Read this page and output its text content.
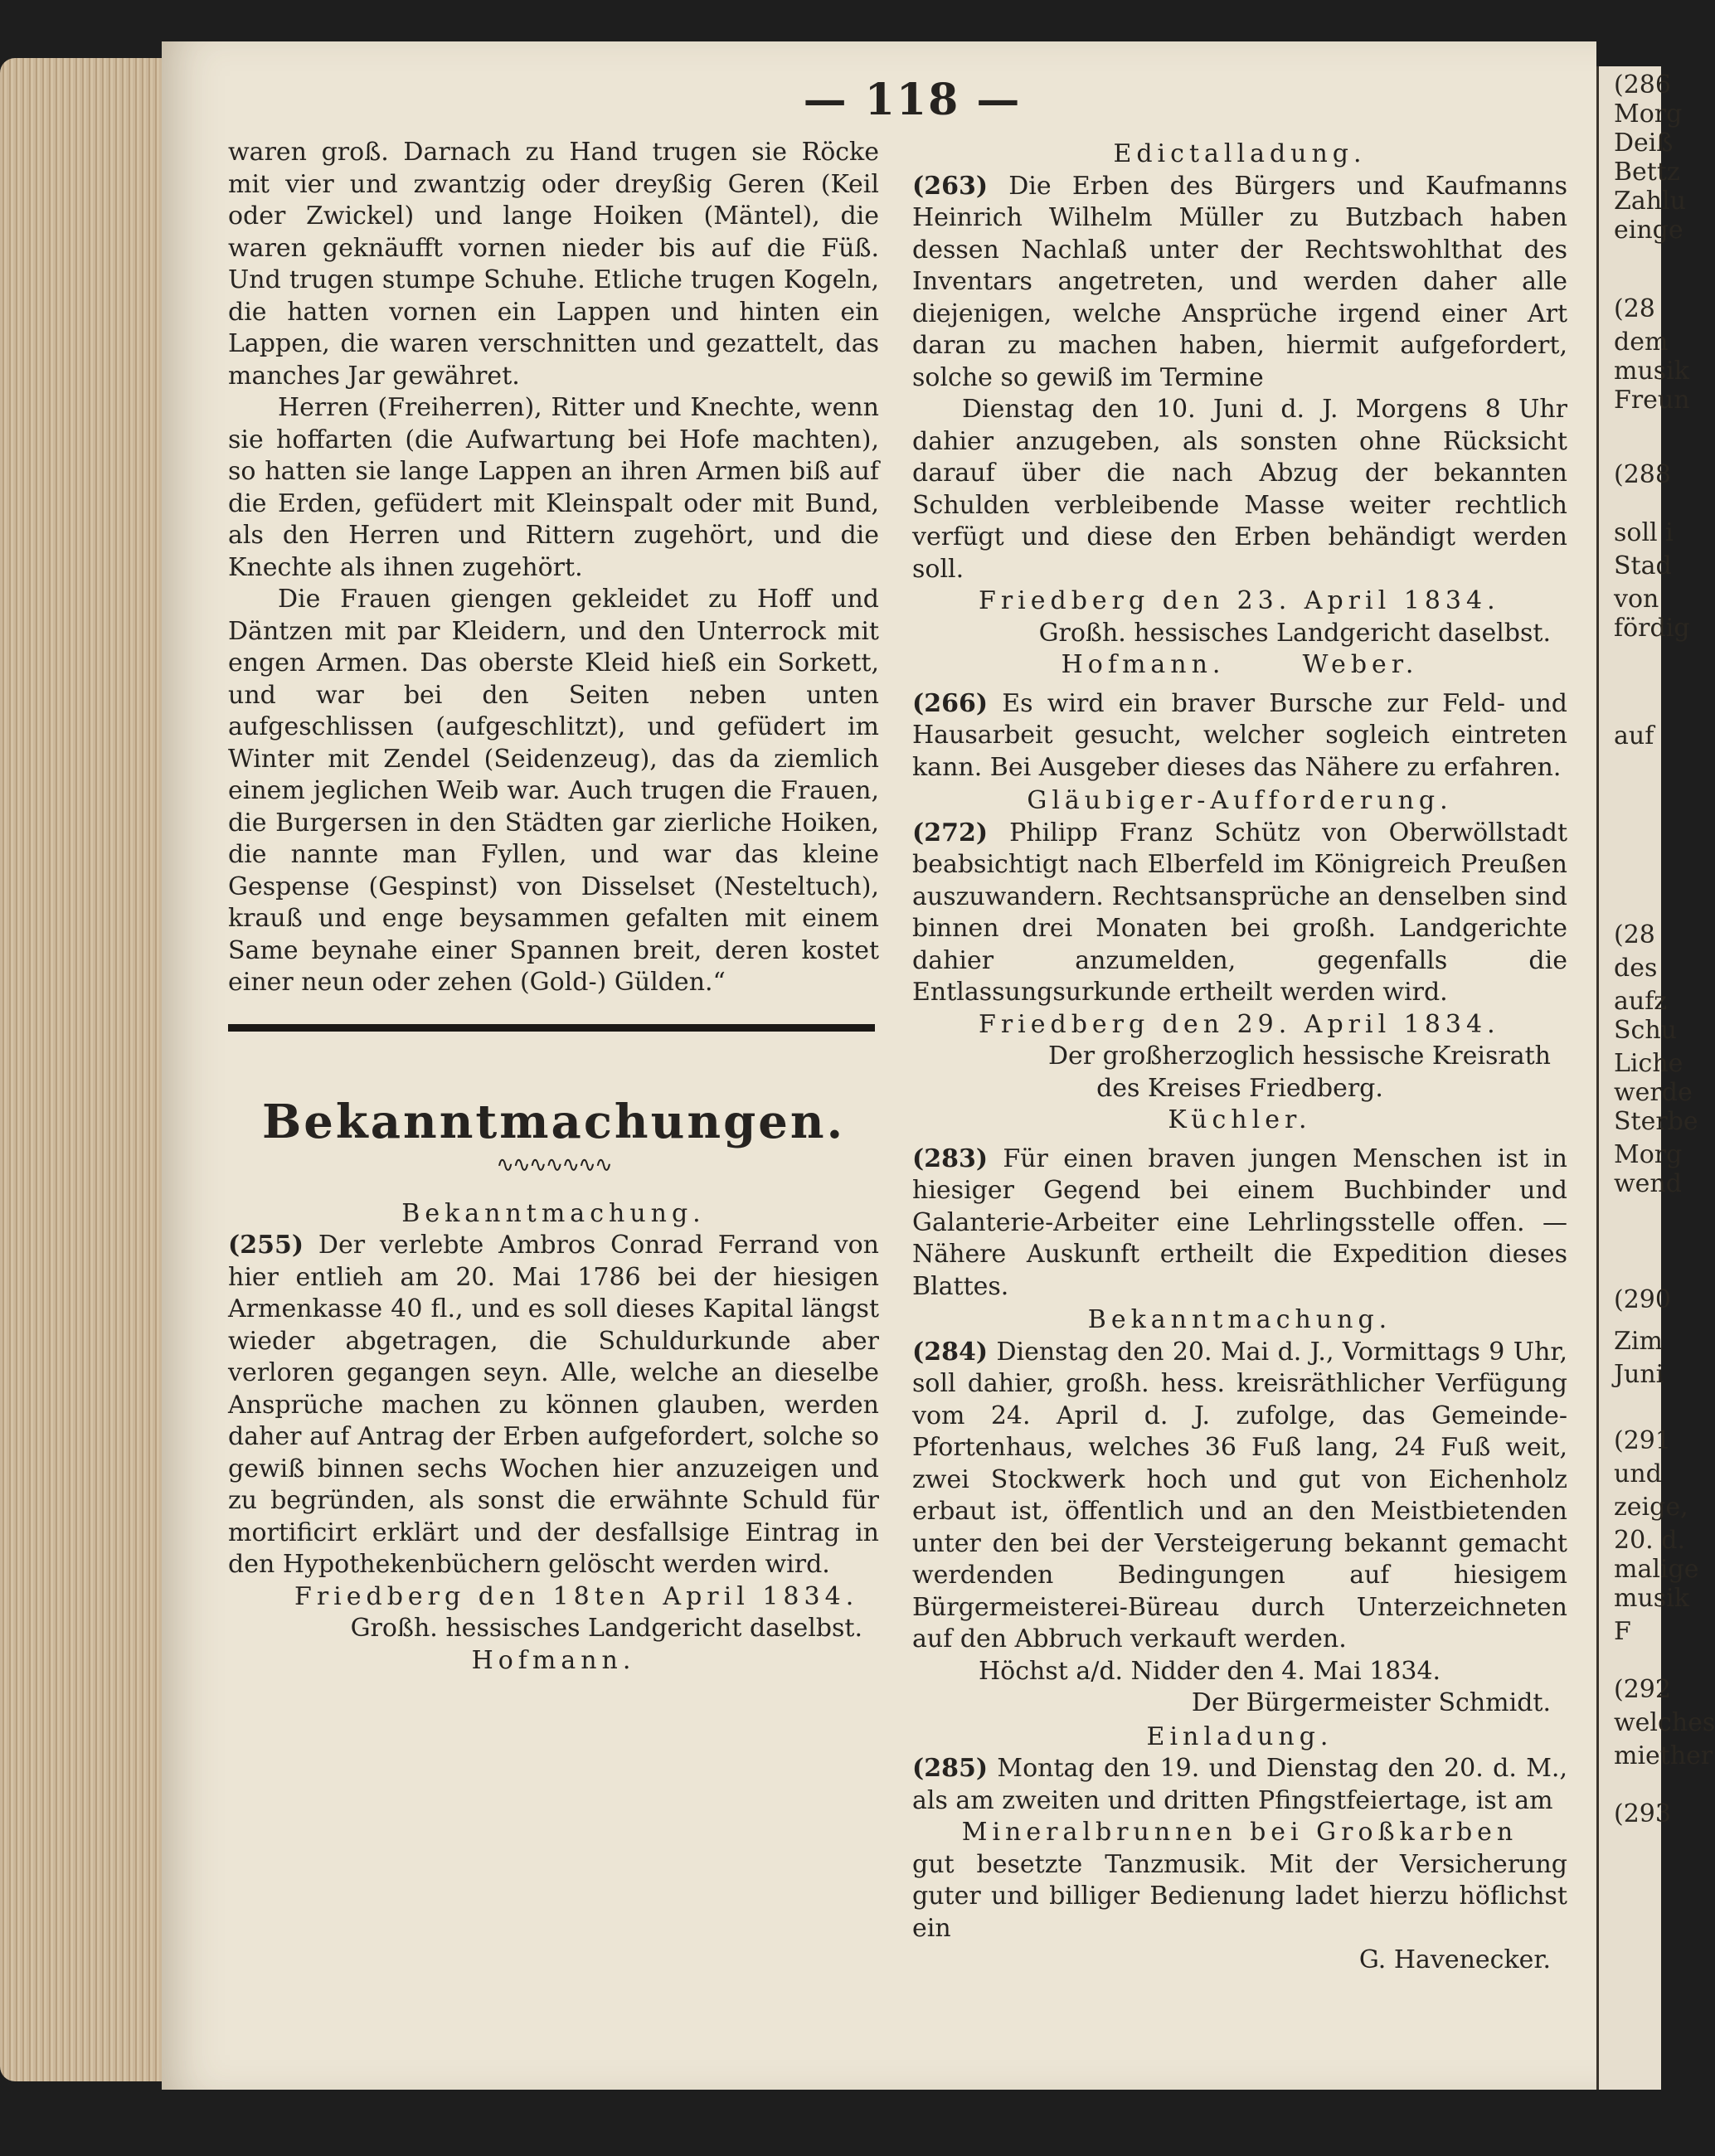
(286
Morg
Deiß
Bettz
Zahlu
einge
(28
dem
musik
Freun
(288
soll i
Stad
von
fördig
auf
(28
des
aufz
Schu
Liche
werde
Sterbe
Morg
wend
(290
Zim
Juni
(291
und
zeige,
20. d.
malige
musik
F
(292
welches
miether
(293
— 118 —

waren groß. Darnach zu Hand trugen sie Röcke mit vier und zwantzig oder dreyßig Geren (Keil oder Zwickel) und lange Hoiken (Mäntel), die waren geknäufft vornen nieder bis auf die Füß. Und trugen stumpe Schuhe. Etliche trugen Kogeln, die hatten vornen ein Lappen und hinten ein Lappen, die waren verschnitten und gezattelt, das manches Jar gewähret.

Herren (Freiherren), Ritter und Knechte, wenn sie hoffarten (die Aufwartung bei Hofe machten), so hatten sie lange Lappen an ihren Armen biß auf die Erden, gefüdert mit Kleinspalt oder mit Bund, als den Herren und Rittern zugehört, und die Knechte als ihnen zugehört.

Die Frauen giengen gekleidet zu Hoff und Däntzen mit par Kleidern, und den Unterrock mit engen Armen. Das oberste Kleid hieß ein Sorkett, und war bei den Seiten neben unten aufgeschlissen (aufgeschlitzt), und gefüdert im Winter mit Zendel (Seidenzeug), das da ziemlich einem jeglichen Weib war. Auch trugen die Frauen, die Burgersen in den Städten gar zierliche Hoiken, die nannte man Fyllen, und war das kleine Gespense (Gespinst) von Disselset (Nesteltuch), krauß und enge beysammen gefalten mit einem Same beynahe einer Spannen breit, deren kostet einer neun oder zehen (Gold-) Gülden.“

Bekanntmachungen.
∿∿∿∿∿∿∿
Bekanntmachung.

(255) Der verlebte Ambros Conrad Ferrand von hier entlieh am 20. Mai 1786 bei der hiesigen Armenkasse 40 fl., und es soll dieses Kapital längst wieder abgetragen, die Schuldurkunde aber verloren gegangen seyn. Alle, welche an dieselbe Ansprüche machen zu können glauben, werden daher auf Antrag der Erben aufgefordert, solche so gewiß binnen sechs Wochen hier anzuzeigen und zu begründen, als sonst die erwähnte Schuld für mortificirt erklärt und der desfallsige Eintrag in den Hypothekenbüchern gelöscht werden wird.

Friedberg den 18ten April 1834.

Großh. hessisches Landgericht daselbst.

Hofmann.

Edictalladung.

(263) Die Erben des Bürgers und Kaufmanns Heinrich Wilhelm Müller zu Butzbach haben dessen Nachlaß unter der Rechtswohlthat des Inventars angetreten, und werden daher alle diejenigen, welche Ansprüche irgend einer Art daran zu machen haben, hiermit aufgefordert, solche so gewiß im Termine

Dienstag den 10. Juni d. J. Morgens 8 Uhr dahier anzugeben, als sonsten ohne Rücksicht darauf über die nach Abzug der bekannten Schulden verbleibende Masse weiter rechtlich verfügt und diese den Erben behändigt werden soll.

Friedberg den 23. April 1834.

Großh. hessisches Landgericht daselbst.

Hofmann.      Weber.

(266) Es wird ein braver Bursche zur Feld- und Hausarbeit gesucht, welcher sogleich eintreten kann. Bei Ausgeber dieses das Nähere zu erfahren.

Gläubiger-Aufforderung.

(272) Philipp Franz Schütz von Oberwöllstadt beabsichtigt nach Elberfeld im Königreich Preußen auszuwandern. Rechtsansprüche an denselben sind binnen drei Monaten bei großh. Landgerichte dahier anzumelden, gegenfalls die Entlassungsurkunde ertheilt werden wird.

Friedberg den 29. April 1834.

Der großherzoglich hessische Kreisrath

des Kreises Friedberg.

Küchler.

(283) Für einen braven jungen Menschen ist in hiesiger Gegend bei einem Buchbinder und Galanterie-Arbeiter eine Lehrlingsstelle offen. — Nähere Auskunft ertheilt die Expedition dieses Blattes.

Bekanntmachung.

(284) Dienstag den 20. Mai d. J., Vormittags 9 Uhr, soll dahier, großh. hess. kreisräthlicher Verfügung vom 24. April d. J. zufolge, das Gemeinde-Pfortenhaus, welches 36 Fuß lang, 24 Fuß weit, zwei Stockwerk hoch und gut von Eichenholz erbaut ist, öffentlich und an den Meistbietenden unter den bei der Versteigerung bekannt gemacht werdenden Bedingungen auf hiesigem Bürgermeisterei-Büreau durch Unterzeichneten auf den Abbruch verkauft werden.

Höchst a/d. Nidder den 4. Mai 1834.

Der Bürgermeister Schmidt.

Einladung.

(285) Montag den 19. und Dienstag den 20. d. M., als am zweiten und dritten Pfingstfeiertage, ist am

Mineralbrunnen bei Großkarben

gut besetzte Tanzmusik. Mit der Versicherung guter und billiger Bedienung ladet hierzu höflichst ein

G. Havenecker.
